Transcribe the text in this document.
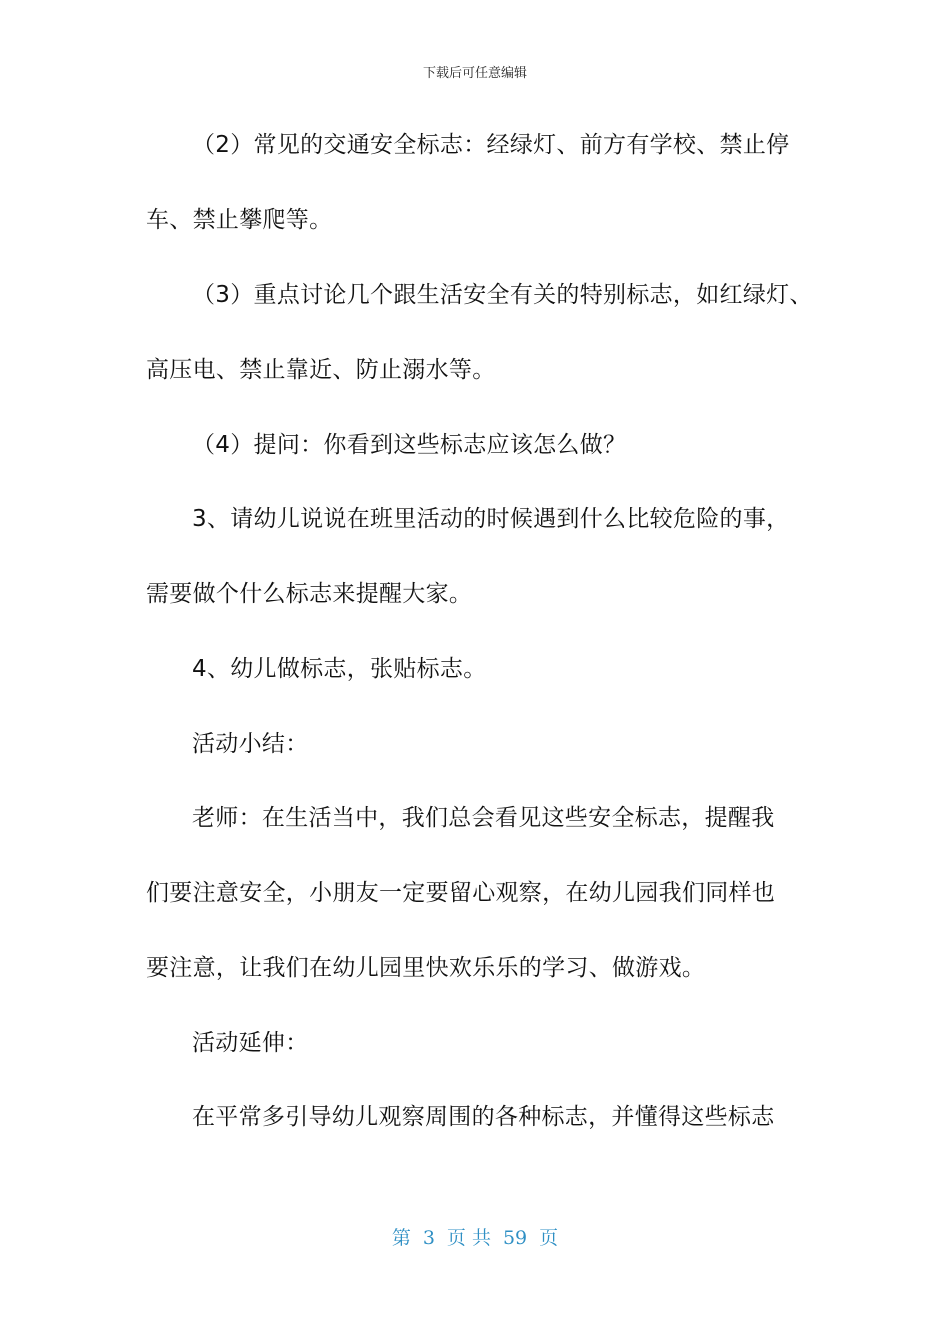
下载后可任意编辑
（2）常见的交通安全标志：经绿灯、前方有学校、禁止停
车、禁止攀爬等。
（3）重点讨论几个跟生活安全有关的特别标志，如红绿灯、
高压电、禁止靠近、防止溺水等。
（4）提问：你看到这些标志应该怎么做？
3、请幼儿说说在班里活动的时候遇到什么比较危险的事，
需要做个什么标志来提醒大家。
4、幼儿做标志，张贴标志。
活动小结：
老师：在生活当中，我们总会看见这些安全标志，提醒我
们要注意安全，小朋友一定要留心观察，在幼儿园我们同样也
要注意，让我们在幼儿园里快欢乐乐的学习、做游戏。
活动延伸：
在平常多引导幼儿观察周围的各种标志，并懂得这些标志
第 3 页 共 59 页
